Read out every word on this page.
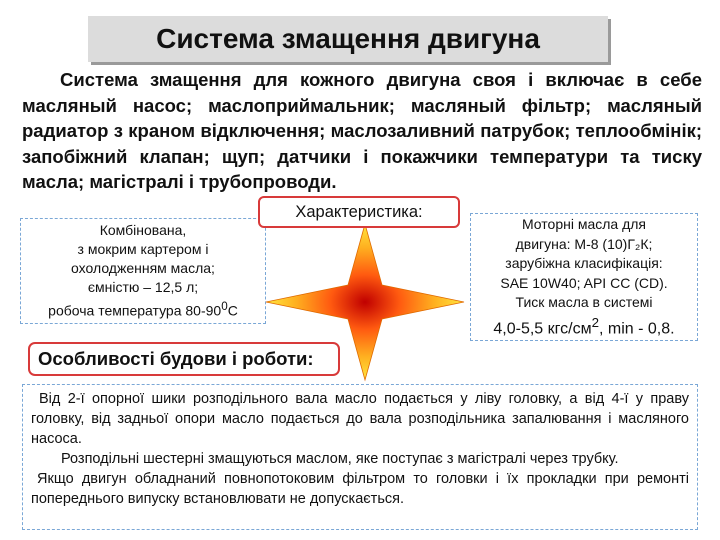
Система змащення двигуна
Система змащення для кожного двигуна своя і включає в себе масляный насос; маслоприймальник; масляный фільтр; масляный радиатор з краном відключення; маслозаливний патрубок; теплообмінік; запобіжний клапан; щуп; датчики і покажчики температури та тиску масла; магістралі і трубопроводи.
Комбінована,
з мокрим картером і
охолодженням масла;
ємністю – 12,5 л;
робоча температура $80-90^0С$
Моторні масла для
двигуна: М-8 (10)Г₂К;
зарубіжна класифікація:
SAE 10W40; API CC (CD).
Тиск масла в системі
4,0-5,5 кгс/$см^2$, min - 0,8.
Характеристика:
Особливості будови і роботи:

Від 2-ї опорної шики розподільного вала масло подається у ліву головку, а від 4-ї у праву головку, від задньої опори масло подається до вала розподільника запалювання і масляного насоса.

Розподільні шестерні змащуються маслом, яке поступає з магістралі через трубку.

Якщо двигун обладнаний повнопотоковим фільтром то головки і їх прокладки при ремонті попереднього випуску встановлювати не допускається.
